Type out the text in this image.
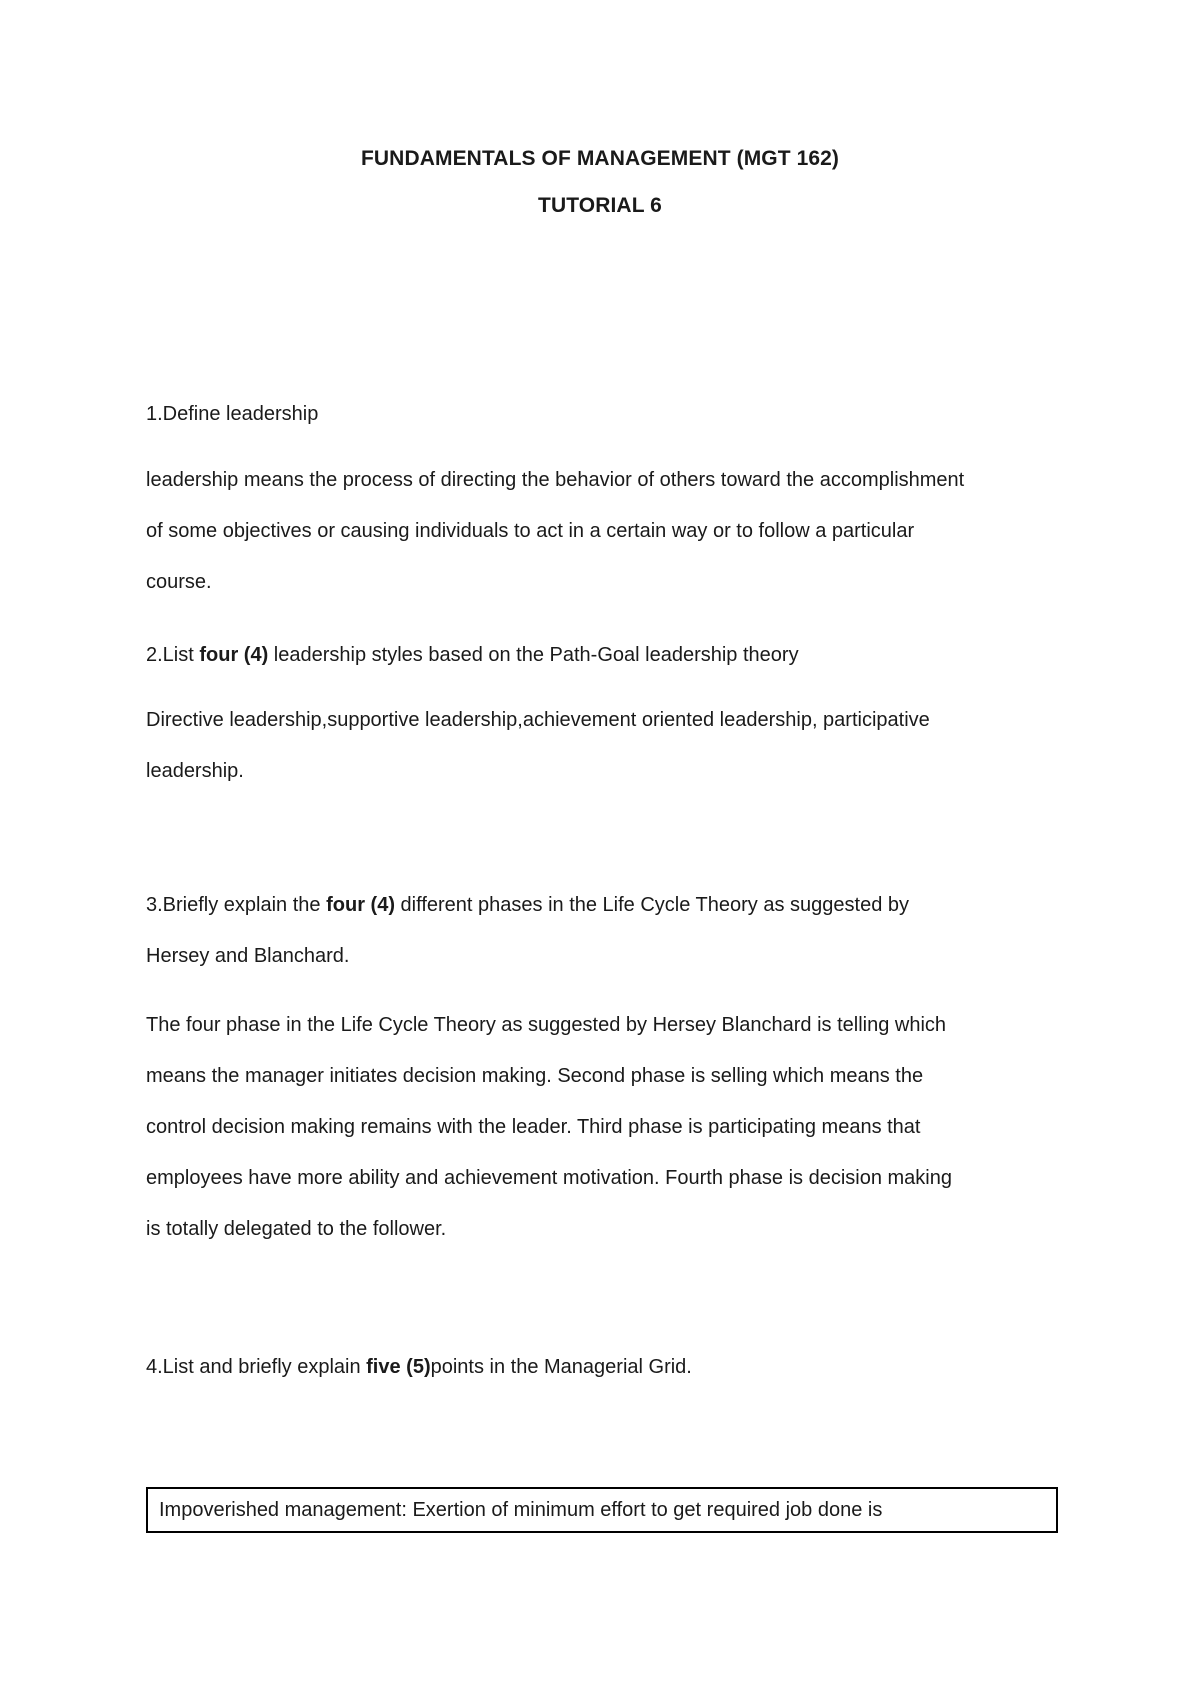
FUNDAMENTALS OF MANAGEMENT (MGT 162)
TUTORIAL 6
1.Define leadership
leadership means the process of directing the behavior of others toward the accomplishment
of some objectives or causing individuals to act in a certain way or to follow a particular
course.
2.List four (4) leadership styles based on the Path-Goal leadership theory
Directive leadership,supportive leadership,achievement oriented leadership, participative
leadership.
3.Briefly explain the four (4) different phases in the Life Cycle Theory as suggested by
Hersey and Blanchard.
The four phase in the Life Cycle Theory as suggested by Hersey Blanchard is telling which
means the manager initiates decision making. Second phase is selling which means the
control decision making remains with the leader. Third phase is participating means that
employees have more ability and achievement motivation. Fourth phase is decision making
is totally delegated to the follower.
4.List and briefly explain five (5)points in the Managerial Grid.
Impoverished management: Exertion of minimum effort to get required job done is
